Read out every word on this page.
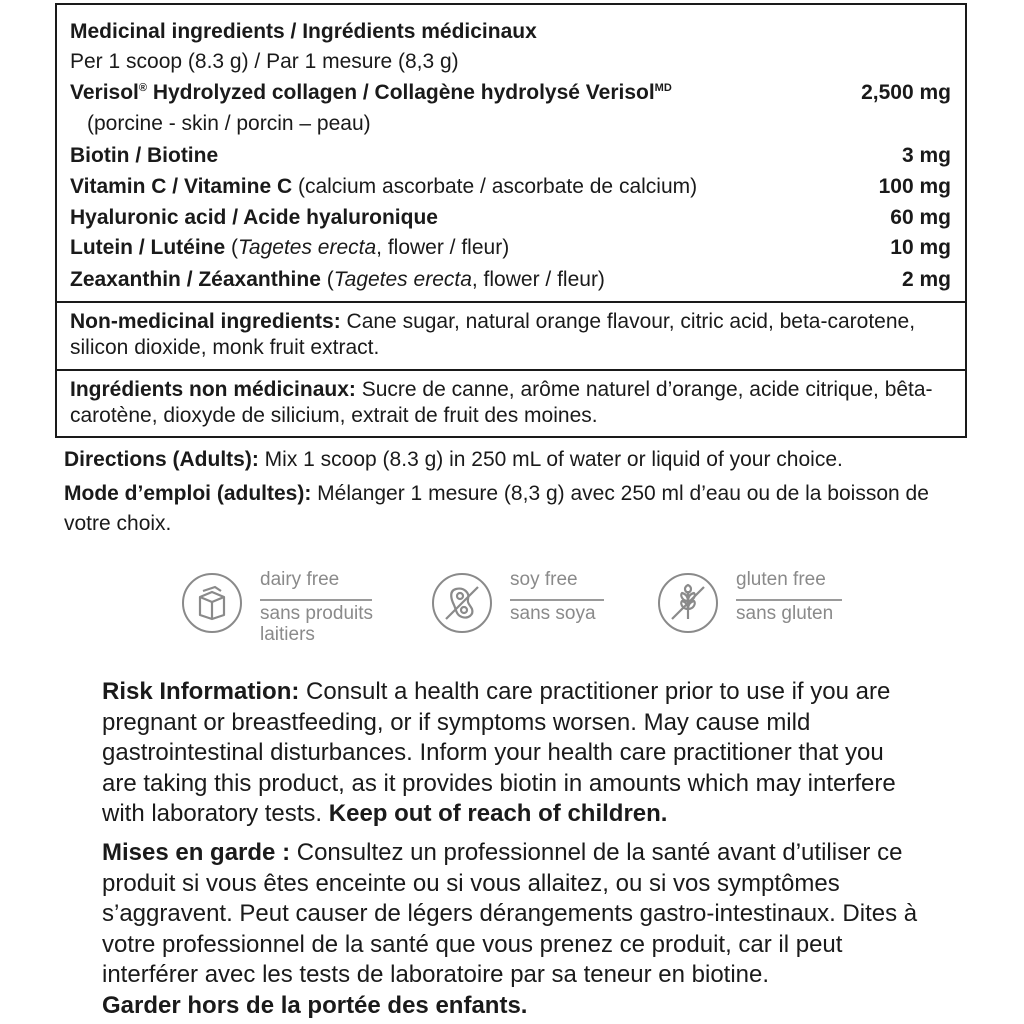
Medicinal ingredients / Ingrédients médicinaux
Per 1 scoop (8.3 g) / Par 1 mesure (8,3 g)
Verisol® Hydrolyzed collagen / Collagène hydrolysé Verisol$^{MD}$	2,500 mg
(porcine - skin / porcin – peau)
Biotin / Biotine	3 mg
Vitamin C / Vitamine C (calcium ascorbate / ascorbate de calcium)	100 mg
Hyaluronic acid / Acide hyaluronique	60 mg
Lutein / Lutéine (Tagetes erecta, flower / fleur)	10 mg
Zeaxanthin / Zéaxanthine (Tagetes erecta, flower / fleur)	2 mg
Non-medicinal ingredients: Cane sugar, natural orange flavour, citric acid, beta-carotene, silicon dioxide, monk fruit extract.
Ingrédients non médicinaux: Sucre de canne, arôme naturel d’orange, acide citrique, bêta-carotène, dioxyde de silicium, extrait de fruit des moines.
Directions (Adults): Mix 1 scoop (8.3 g) in 250 mL of water or liquid of your choice.
Mode d’emploi (adultes): Mélanger 1 mesure (8,3 g) avec 250 ml d’eau ou de la boisson de votre choix.
dairy free
sans produits
laitiers
soy free
sans soya
gluten free
sans gluten
Risk Information: Consult a health care practitioner prior to use if you are pregnant or breastfeeding, or if symptoms worsen. May cause mild gastrointestinal disturbances. Inform your health care practitioner that you are taking this product, as it provides biotin in amounts which may interfere with laboratory tests. Keep out of reach of children.
Mises en garde : Consultez un professionnel de la santé avant d’utiliser ce produit si vous êtes enceinte ou si vous allaitez, ou si vos symptômes s’aggravent. Peut causer de légers dérangements gastro-intestinaux. Dites à votre professionnel de la santé que vous prenez ce produit, car il peut interférer avec les tests de laboratoire par sa teneur en biotine.
Garder hors de la portée des enfants.
